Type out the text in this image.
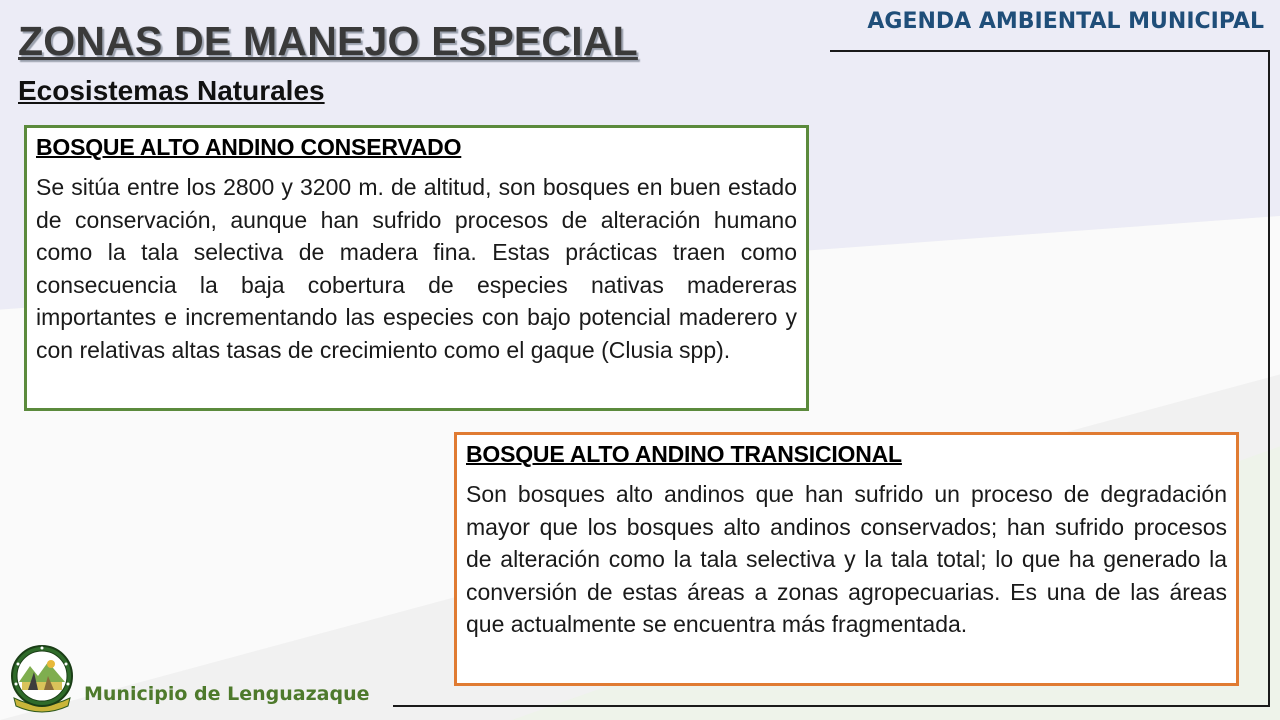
ZONAS DE MANEJO ESPECIAL
Ecosistemas Naturales
AGENDA AMBIENTAL MUNICIPAL

BOSQUE ALTO ANDINO CONSERVADO

Se sitúa entre los 2800 y 3200 m. de altitud, son bosques en buen estado de conservación, aunque han sufrido procesos de alteración humano como la tala selectiva de madera fina. Estas prácticas traen como consecuencia la baja cobertura de especies nativas madereras importantes e incrementando las especies con bajo potencial maderero y con relativas altas tasas de crecimiento como el gaque (Clusia spp).

BOSQUE ALTO ANDINO TRANSICIONAL

Son bosques alto andinos que han sufrido un proceso de degradación mayor que los bosques alto andinos conservados; han sufrido procesos de alteración como la tala selectiva y la tala total; lo que ha generado la conversión de estas áreas a zonas agropecuarias. Es una de las áreas que actualmente se encuentra más fragmentada.

Municipio de Lenguazaque
